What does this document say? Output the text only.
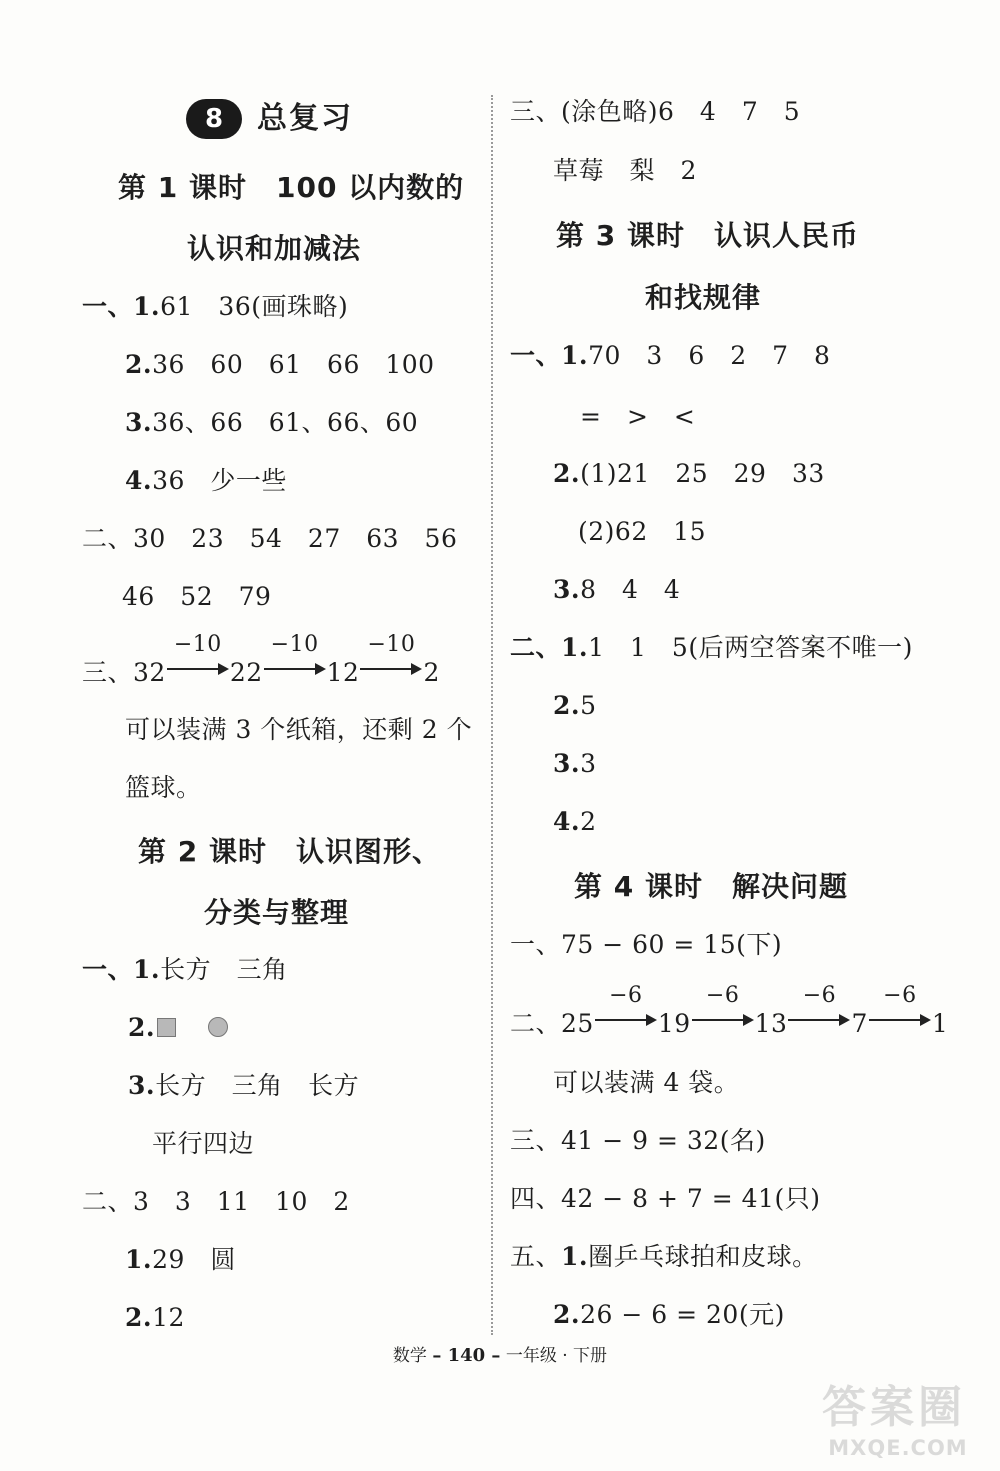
8	总复习
第 1 课时　100 以内数的
认识和加减法
一、1.61　36(画珠略)
2.36　60　61　66　100
3.36、66　61、66、60
4.36　少一些
二、30　23　54　27　63　56
46　52　79
三、32
−10
22
−10
12
−10
2
可以装满 3 个纸箱，还剩 2 个
篮球。
第 2 课时　认识图形、
分类与整理
一、1.长方　三角
2.
3.长方　三角　长方
平行四边
二、3　3　11　10　2
1.29　圆
2.12
三、(涂色略)6　4　7　5
草莓　梨　2
第 3 课时　认识人民币
和找规律
一、1.70　3　6　2　7　8
=　>　<
2.(1)21　25　29　33
(2)62　15
3.8　4　4
二、1.1　1　5(后两空答案不唯一)
2.5
3.3
4.2
第 4 课时　解决问题
一、75 − 60 = 15(下)
二、25
−6
19
−6
13
−6
7
−6
1
可以装满 4 袋。
三、41 − 9 = 32(名)
四、42 − 8 + 7 = 41(只)
五、1.圈乒乓球拍和皮球。
2.26 − 6 = 20(元)
数学 – 140 – 一年级 · 下册
答案圈
MXQE.COM
